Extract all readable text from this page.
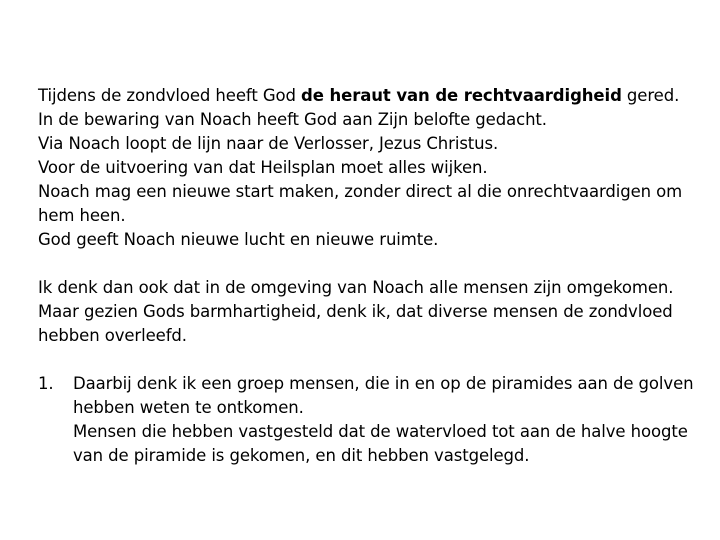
Tijdens de zondvloed heeft God de heraut van de rechtvaardigheid gered.

In de bewaring van Noach heeft God aan Zijn belofte gedacht.

Via Noach loopt de lijn naar de Verlosser, Jezus Christus.

Voor de uitvoering van dat Heilsplan moet alles wijken.

Noach mag een nieuwe start maken, zonder direct al die onrechtvaardigen om hem heen.

God geeft Noach nieuwe lucht en nieuwe ruimte.

Ik denk dan ook dat in de omgeving van Noach alle mensen zijn omgekomen.

Maar gezien Gods barmhartigheid, denk ik, dat diverse mensen de zondvloed hebben overleefd.

1.	Daarbij denk ik een groep mensen, die in en op de piramides aan de golven hebben weten te ontkomen.

Mensen die hebben vastgesteld dat de watervloed tot aan de halve hoogte van de piramide is gekomen, en dit hebben vastgelegd.
